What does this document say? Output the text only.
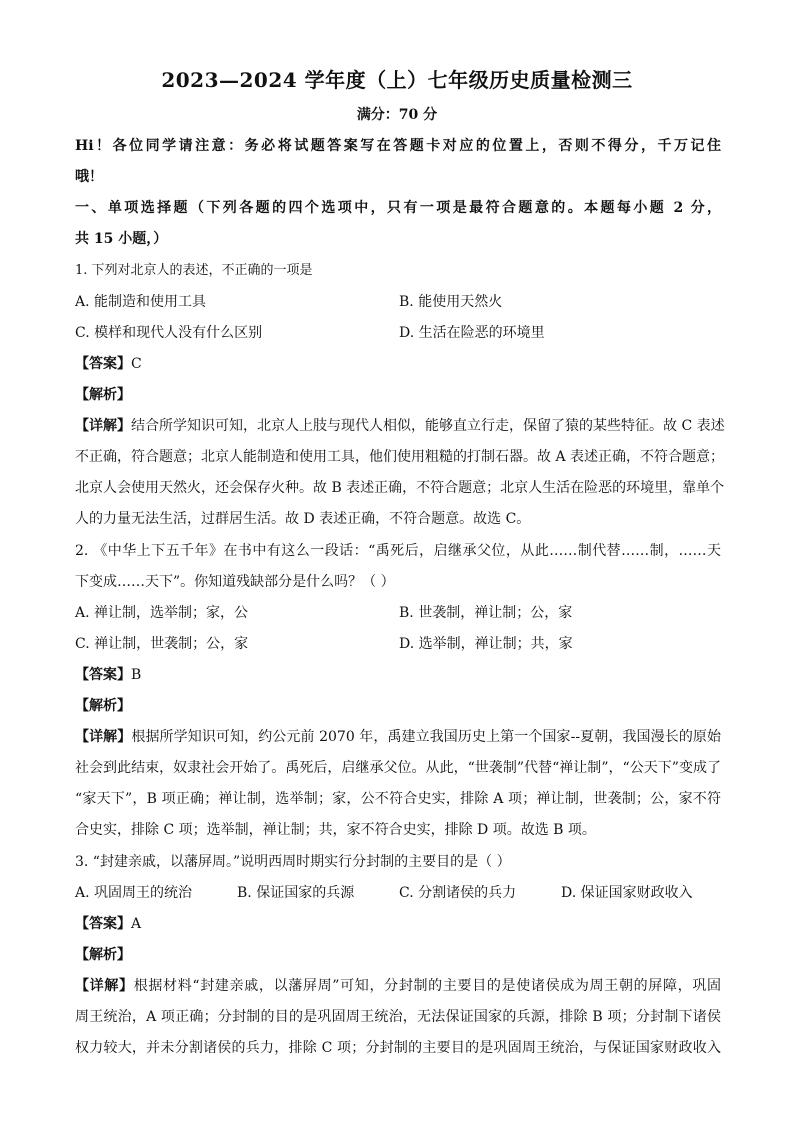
2023—2024 学年度（上）七年级历史质量检测三
满分：70 分
Hi！各位同学请注意：务必将试题答案写在答题卡对应的位置上，否则不得分，千万记住
哦！
一、单项选择题（下列各题的四个选项中，只有一项是最符合题意的。本题每小题 2 分，
共 15 小题，）
1. 下列对北京人的表述，不正确的一项是
A. 能制造和使用工具	B. 能使用天然火
C. 模样和现代人没有什么区别	D. 生活在险恶的环境里
【答案】C
【解析】
【详解】结合所学知识可知，北京人上肢与现代人相似，能够直立行走，保留了猿的某些特征。故 C 表述
不正确，符合题意；北京人能制造和使用工具，他们使用粗糙的打制石器。故 A 表述正确，不符合题意；
北京人会使用天然火，还会保存火种。故 B 表述正确，不符合题意；北京人生活在险恶的环境里，靠单个
人的力量无法生活，过群居生活。故 D 表述正确，不符合题意。故选 C。
2. 《中华上下五千年》在书中有这么一段话：“禹死后，启继承父位，从此……制代替……制，……天
下变成……天下”。你知道残缺部分是什么吗？（ ）
A. 禅让制，选举制；家，公	B. 世袭制，禅让制；公，家
C. 禅让制，世袭制；公，家	D. 选举制，禅让制；共，家
【答案】B
【解析】
【详解】根据所学知识可知，约公元前 2070 年，禹建立我国历史上第一个国家--夏朝，我国漫长的原始
社会到此结束，奴隶社会开始了。禹死后，启继承父位。从此，“世袭制”代替“禅让制”，“公天下”变成了
“家天下”，B 项正确；禅让制，选举制；家，公不符合史实，排除 A 项；禅让制，世袭制；公，家不符
合史实，排除 C 项；选举制，禅让制；共，家不符合史实，排除 D 项。故选 B 项。
3. “封建亲戚，以藩屏周。”说明西周时期实行分封制的主要目的是（ ）
A. 巩固周王的统治	B. 保证国家的兵源	C. 分割诸侯的兵力	D. 保证国家财政收入
【答案】A
【解析】
【详解】根据材料“封建亲戚，以藩屏周”可知，分封制的主要目的是使诸侯成为周王朝的屏障，巩固
周王统治，A 项正确；分封制的目的是巩固周王统治，无法保证国家的兵源，排除 B 项；分封制下诸侯
权力较大，并未分割诸侯的兵力，排除 C 项；分封制的主要目的是巩固周王统治，与保证国家财政收入
